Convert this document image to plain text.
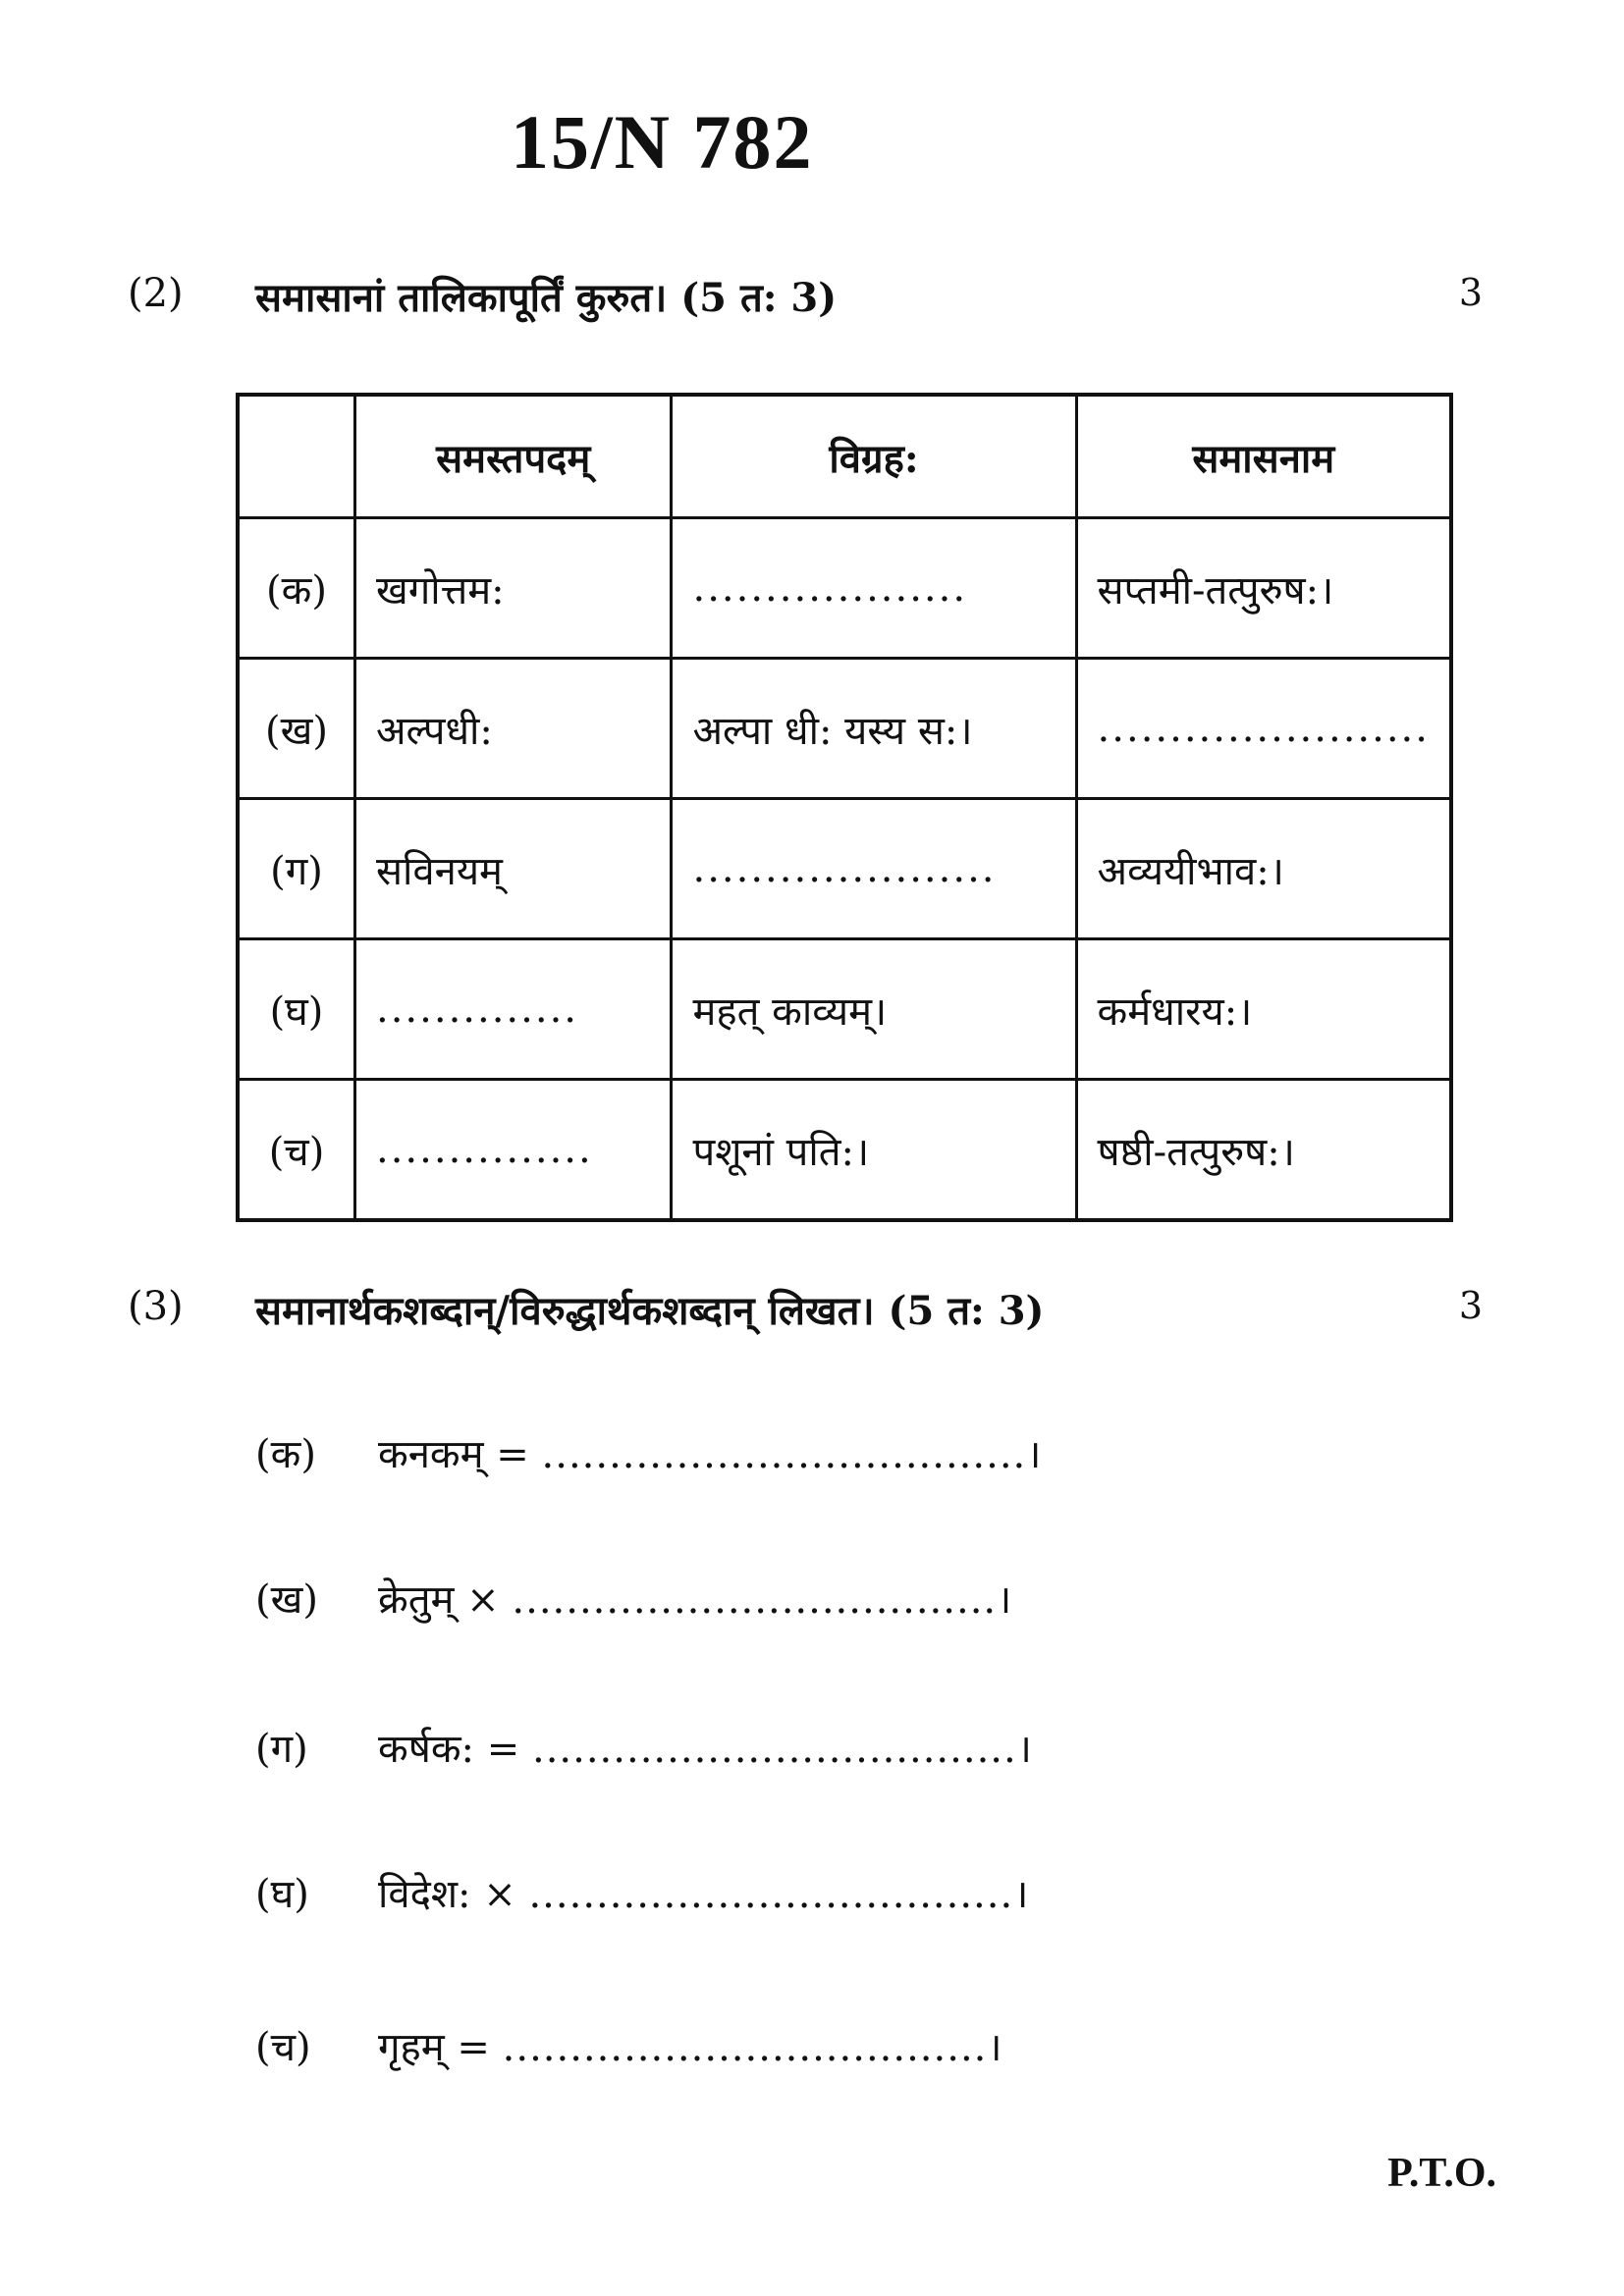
15/N 782
(2) समासानां तालिकापूर्तिं कुरुत। (5 त: 3)	3
	समस्तपदम्	विग्रह:	समासनाम
(क)	खगोत्तम:	...................	सप्तमी-तत्पुरुष:।
(ख)	अल्पधी:	अल्पा धी: यस्य स:।	.......................
(ग)	सविनयम्	.....................	अव्ययीभाव:।
(घ)	..............	महत् काव्यम्।	कर्मधारय:।
(च)	...............	पशूनां पति:।	षष्ठी-तत्पुरुष:।
(3) समानार्थकशब्दान्/विरुद्धार्थकशब्दान् लिखत। (5 त: 3)	3
(क) कनकम् = ....................................।
(ख) क्रेतुम् × ....................................।
(ग) कर्षक: = ....................................।
(घ) विदेश: × ....................................।
(च) गृहम् = ....................................।
P.T.O.
